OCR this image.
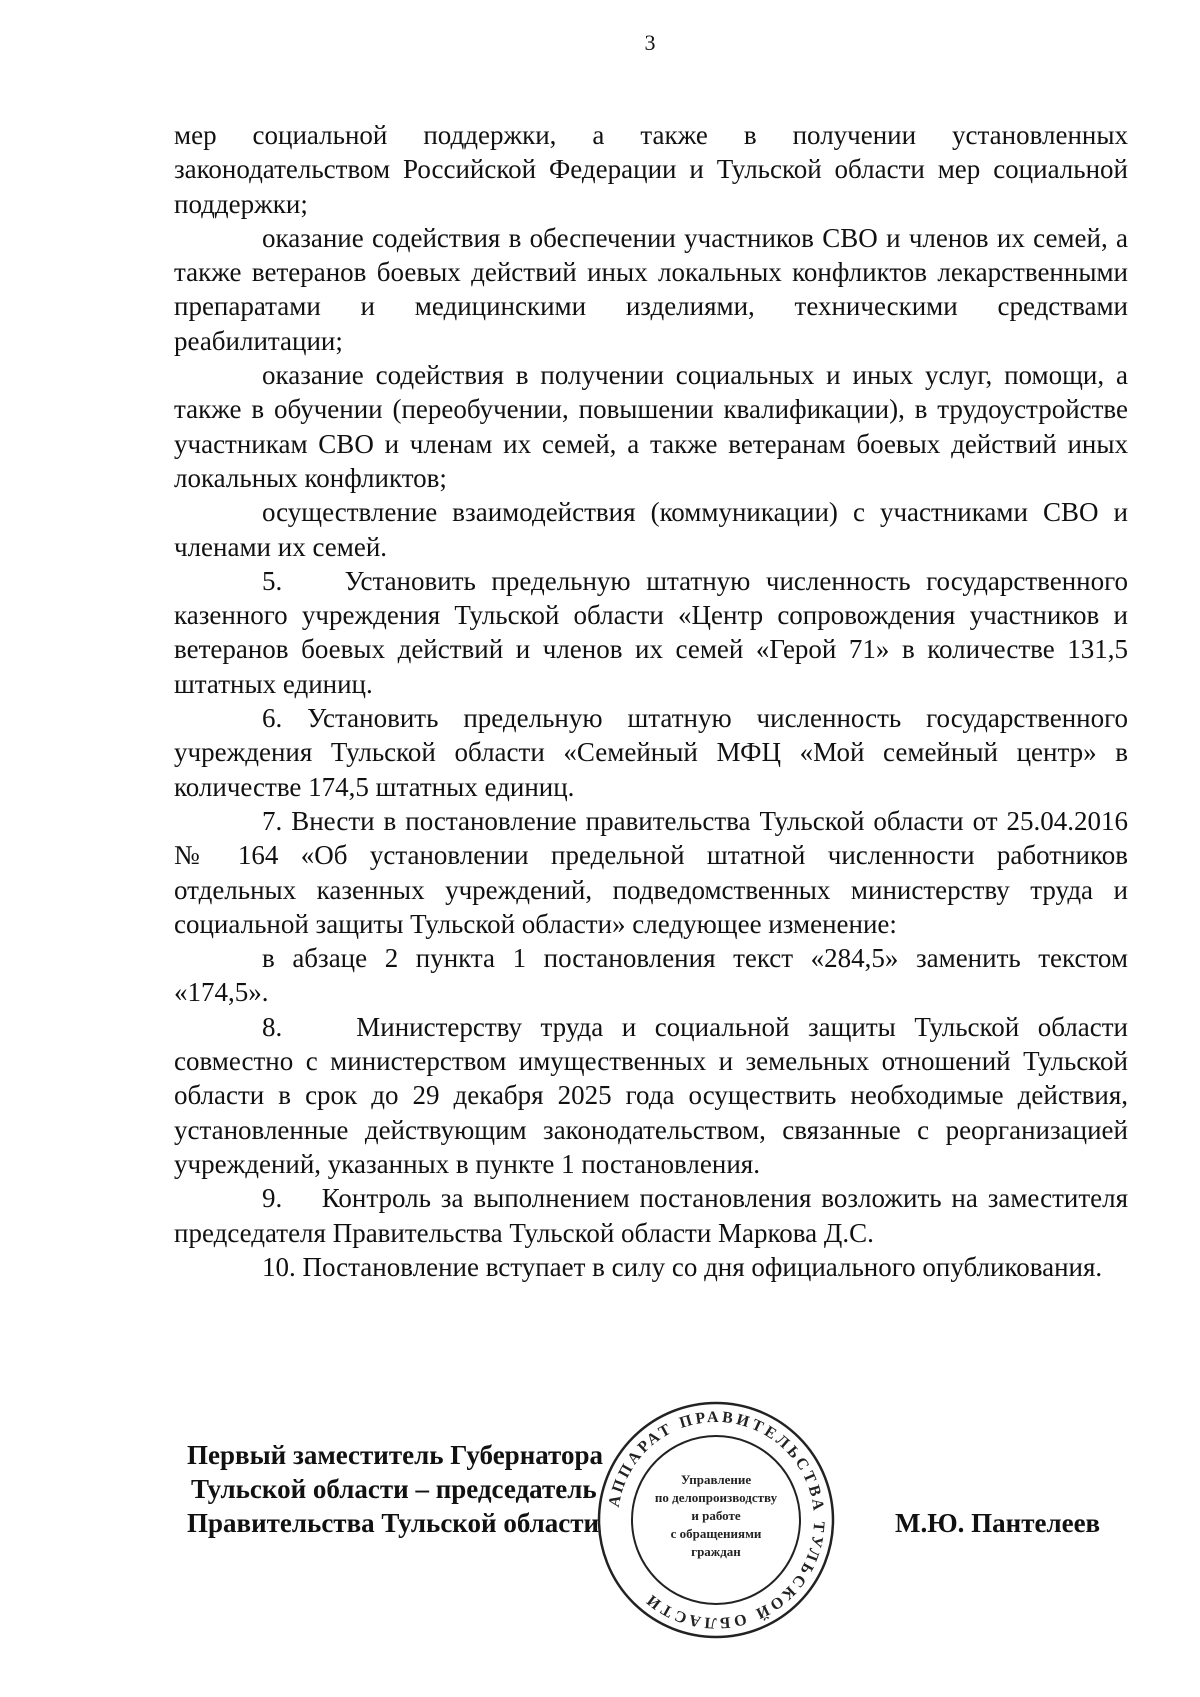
3

мер социальной поддержки, а также в получении установленных законодательством Российской Федерации и Тульской области мер социальной поддержки;

оказание содействия в обеспечении участников СВО и членов их семей, а также ветеранов боевых действий иных локальных конфликтов лекарственными препаратами и медицинскими изделиями, техническими средствами реабилитации;

оказание содействия в получении социальных и иных услуг, помощи, а также в обучении (переобучении, повышении квалификации), в трудоустройстве участникам СВО и членам их семей, а также ветеранам боевых действий иных локальных конфликтов;

осуществление взаимодействия (коммуникации) с участниками СВО и членами их семей.

5.    Установить предельную штатную численность государственного казенного учреждения Тульской области «Центр сопровождения участников и ветеранов боевых действий и членов их семей «Герой 71» в количестве 131,5 штатных единиц.

6. Установить предельную штатную численность государственного учреждения Тульской области «Семейный МФЦ «Мой семейный центр» в количестве 174,5 штатных единиц.

7. Внести в постановление правительства Тульской области от 25.04.2016 № 164 «Об установлении предельной штатной численности работников отдельных казенных учреждений, подведомственных министерству труда и социальной защиты Тульской области» следующее изменение:

в абзаце 2 пункта 1 постановления текст «284,5» заменить текстом «174,5».

8.    Министерству труда и социальной защиты Тульской области совместно с министерством имущественных и земельных отношений Тульской области в срок до 29 декабря 2025 года осуществить необходимые действия, установленные действующим законодательством, связанные с реорганизацией учреждений, указанных в пункте 1 постановления.

9.    Контроль за выполнением постановления возложить на заместителя председателя Правительства Тульской области Маркова Д.С.

10. Постановление вступает в силу со дня официального опубликования.

Первый заместитель Губернатора
Тульской области – председатель
Правительства Тульской области	М.Ю. Пантелеев
АППАРАТ ПРАВИТЕЛЬСТВА ТУЛЬСКОЙ ОБЛАСТИ
Управление
по делопроизводству
и работе
с обращениями
граждан
